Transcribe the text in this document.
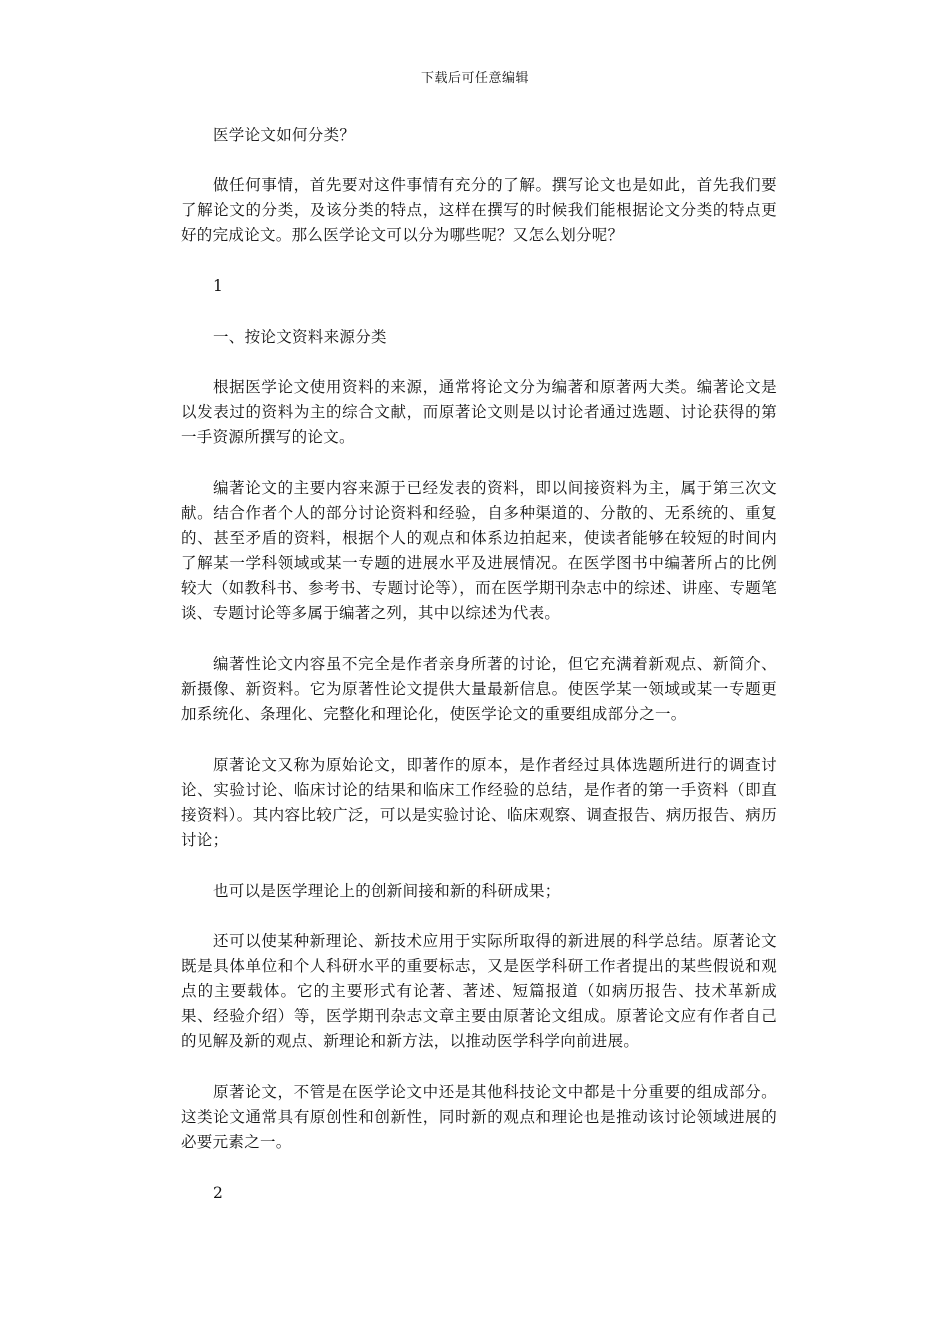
下载后可任意编辑

医学论文如何分类？

做任何事情，首先要对这件事情有充分的了解。撰写论文也是如此，首先我们要了解论文的分类，及该分类的特点，这样在撰写的时候我们能根据论文分类的特点更好的完成论文。那么医学论文可以分为哪些呢？又怎么划分呢？

1

一、按论文资料来源分类

根据医学论文使用资料的来源，通常将论文分为编著和原著两大类。编著论文是以发表过的资料为主的综合文献，而原著论文则是以讨论者通过选题、讨论获得的第一手资源所撰写的论文。

编著论文的主要内容来源于已经发表的资料，即以间接资料为主，属于第三次文献。结合作者个人的部分讨论资料和经验，自多种渠道的、分散的、无系统的、重复的、甚至矛盾的资料，根据个人的观点和体系边拍起来，使读者能够在较短的时间内了解某一学科领域或某一专题的进展水平及进展情况。在医学图书中编著所占的比例较大（如教科书、参考书、专题讨论等），而在医学期刊杂志中的综述、讲座、专题笔谈、专题讨论等多属于编著之列，其中以综述为代表。

编著性论文内容虽不完全是作者亲身所著的讨论，但它充满着新观点、新简介、新摄像、新资料。它为原著性论文提供大量最新信息。使医学某一领域或某一专题更加系统化、条理化、完整化和理论化，使医学论文的重要组成部分之一。

原著论文又称为原始论文，即著作的原本，是作者经过具体选题所进行的调查讨论、实验讨论、临床讨论的结果和临床工作经验的总结，是作者的第一手资料（即直接资料）。其内容比较广泛，可以是实验讨论、临床观察、调查报告、病历报告、病历讨论；

也可以是医学理论上的创新间接和新的科研成果；

还可以使某种新理论、新技术应用于实际所取得的新进展的科学总结。原著论文既是具体单位和个人科研水平的重要标志，又是医学科研工作者提出的某些假说和观点的主要载体。它的主要形式有论著、著述、短篇报道（如病历报告、技术革新成果、经验介绍）等，医学期刊杂志文章主要由原著论文组成。原著论文应有作者自己的见解及新的观点、新理论和新方法，以推动医学科学向前进展。

原著论文，不管是在医学论文中还是其他科技论文中都是十分重要的组成部分。这类论文通常具有原创性和创新性，同时新的观点和理论也是推动该讨论领域进展的必要元素之一。

2
